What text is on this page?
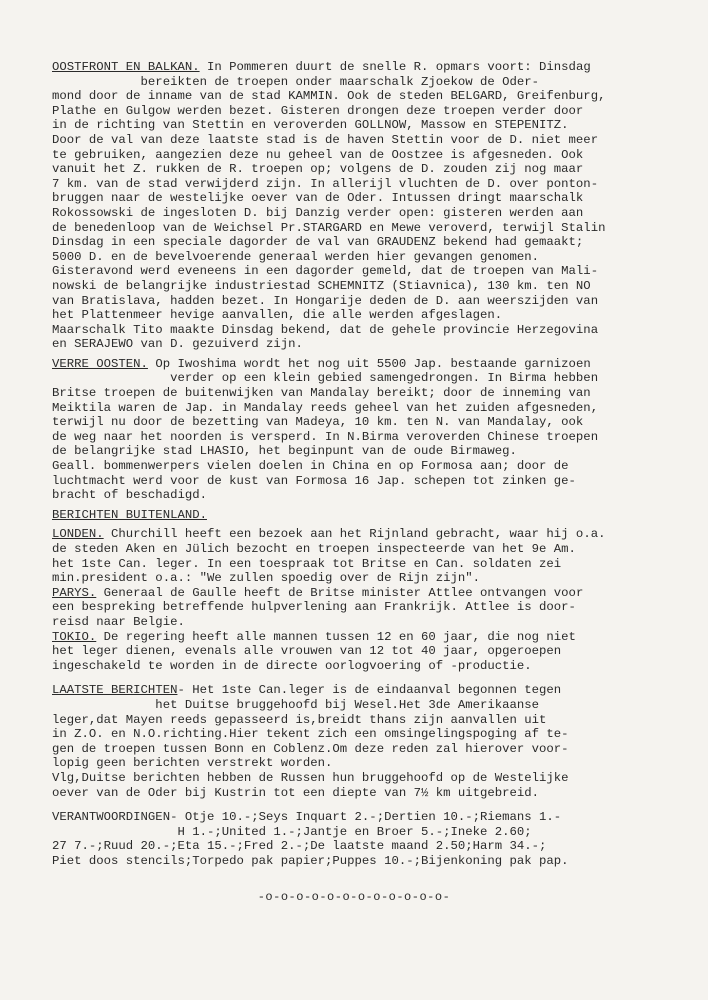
OOSTFRONT EN BALKAN. In Pommeren duurt de snelle R. opmars voort: Dinsdag
bereikten de troepen onder maarschalk Zjoekow de Oder-
mond door de inname van de stad KAMMIN. Ook de steden BELGARD, Greifenburg,
Plathe en Gulgow werden bezet. Gisteren drongen deze troepen verder door
in de richting van Stettin en veroverden GOLLNOW, Massow en STEPENITZ.
Door de val van deze laatste stad is de haven Stettin voor de D. niet meer
te gebruiken, aangezien deze nu geheel van de Oostzee is afgesneden. Ook
vanuit het Z. rukken de R. troepen op; volgens de D. zouden zij nog maar
7 km. van de stad verwijderd zijn. In allerijl vluchten de D. over ponton-
bruggen naar de westelijke oever van de Oder. Intussen dringt maarschalk
Rokossowski de ingesloten D. bij Danzig verder open: gisteren werden aan
de benedenloop van de Weichsel Pr.STARGARD en Mewe veroverd, terwijl Stalin
Dinsdag in een speciale dagorder de val van GRAUDENZ bekend had gemaakt;
5000 D. en de bevelvoerende generaal werden hier gevangen genomen.
Gisteravond werd eveneens in een dagorder gemeld, dat de troepen van Mali-
nowski de belangrijke industriestad SCHEMNITZ (Stiavnica), 130 km. ten NO
van Bratislava, hadden bezet. In Hongarije deden de D. aan weerszijden van
het Plattenmeer hevige aanvallen, die alle werden afgeslagen.
Maarschalk Tito maakte Dinsdag bekend, dat de gehele provincie Herzegovina
en SERAJEWO van D. gezuiverd zijn.
VERRE OOSTEN. Op Iwoshima wordt het nog uit 5500 Jap. bestaande garnizoen
verder op een klein gebied samengedrongen. In Birma hebben
Britse troepen de buitenwijken van Mandalay bereikt; door de inneming van
Meiktila waren de Jap. in Mandalay reeds geheel van het zuiden afgesneden,
terwijl nu door de bezetting van Madeya, 10 km. ten N. van Mandalay, ook
de weg naar het noorden is versperd. In N.Birma veroverden Chinese troepen
de belangrijke stad LHASIO, het beginpunt van de oude Birmaweg.
Geall. bommenwerpers vielen doelen in China en op Formosa aan; door de
luchtmacht werd voor de kust van Formosa 16 Jap. schepen tot zinken ge-
bracht of beschadigd.
BERICHTEN BUITENLAND.
LONDEN. Churchill heeft een bezoek aan het Rijnland gebracht, waar hij o.a.
de steden Aken en Jülich bezocht en troepen inspecteerde van het 9e Am.
het 1ste Can. leger. In een toespraak tot Britse en Can. soldaten zei
min.president o.a.: "We zullen spoedig over de Rijn zijn".
PARYS. Generaal de Gaulle heeft de Britse minister Attlee ontvangen voor
een bespreking betreffende hulpverlening aan Frankrijk. Attlee is door-
reisd naar Belgie.
TOKIO. De regering heeft alle mannen tussen 12 en 60 jaar, die nog niet
het leger dienen, evenals alle vrouwen van 12 tot 40 jaar, opgeroepen
ingeschakeld te worden in de directe oorlogvoering of -productie.
LAATSTE BERICHTEN- Het 1ste Can.leger is de eindaanval begonnen tegen
het Duitse bruggehoofd bij Wesel.Het 3de Amerikaanse
leger,dat Mayen reeds gepasseerd is,breidt thans zijn aanvallen uit
in Z.O. en N.O.richting.Hier tekent zich een omsingelingspoging af te-
gen de troepen tussen Bonn en Coblenz.Om deze reden zal hierover voor-
lopig geen berichten verstrekt worden.
Vlg,Duitse berichten hebben de Russen hun bruggehoofd op de Westelijke
oever van de Oder bij Kustrin tot een diepte van 7½ km uitgebreid.
VERANTWOORDINGEN- Otje 10.-;Seys Inquart 2.-;Dertien 10.-;Riemans 1.-
H 1.-;United 1.-;Jantje en Broer 5.-;Ineke 2.60;
27 7.-;Ruud 20.-;Eta 15.-;Fred 2.-;De laatste maand 2.50;Harm 34.-;
Piet doos stencils;Torpedo pak papier;Puppes 10.-;Bijenkoning pak pap.
-o-o-o-o-o-o-o-o-o-o-o-o-
